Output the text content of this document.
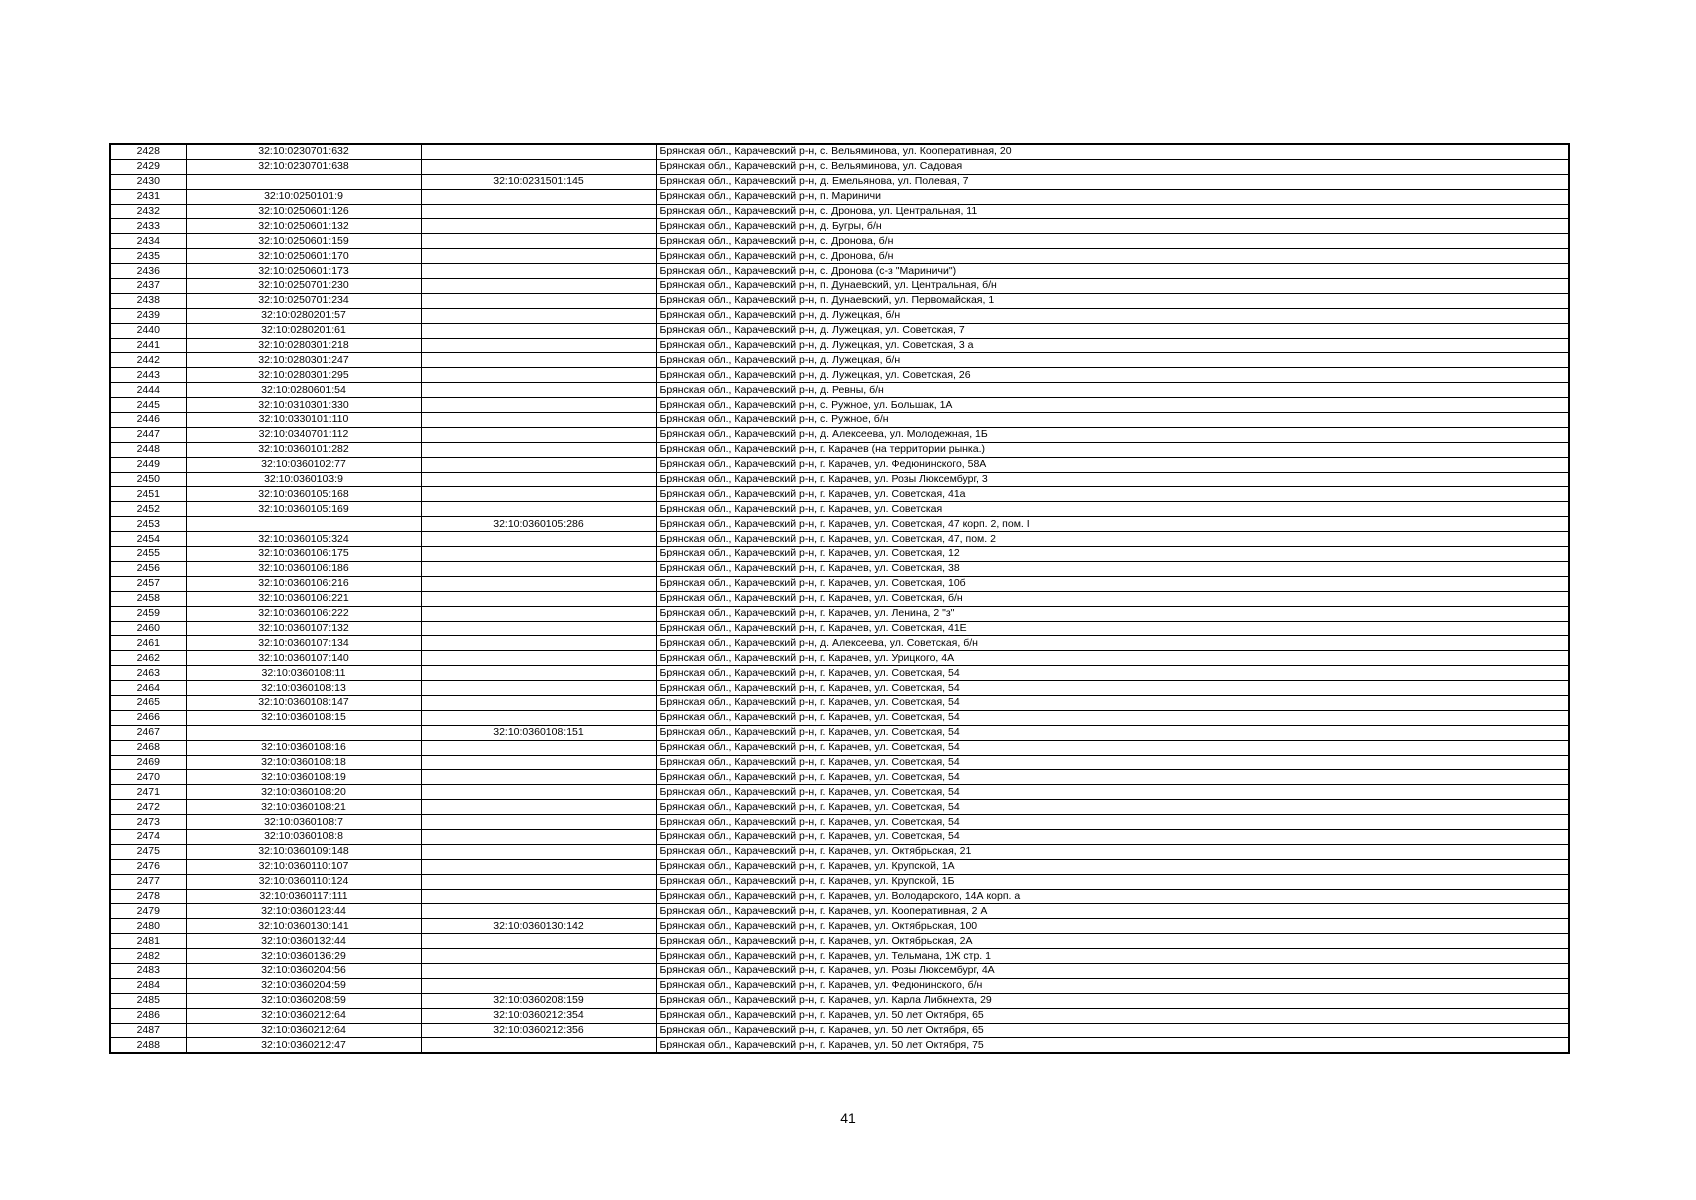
2428	32:10:0230701:632		Брянская обл., Карачевский р-н, с. Вельяминова, ул. Кооперативная, 20
2429	32:10:0230701:638		Брянская обл., Карачевский р-н, с. Вельяминова, ул. Садовая
2430		32:10:0231501:145	Брянская обл., Карачевский р-н, д. Емельянова, ул. Полевая, 7
2431	32:10:0250101:9		Брянская обл., Карачевский р-н, п. Мариничи
2432	32:10:0250601:126		Брянская обл., Карачевский р-н, с. Дронова, ул. Центральная, 11
2433	32:10:0250601:132		Брянская обл., Карачевский р-н, д. Бугры, б/н
2434	32:10:0250601:159		Брянская обл., Карачевский р-н, с. Дронова, б/н
2435	32:10:0250601:170		Брянская обл., Карачевский р-н, с. Дронова, б/н
2436	32:10:0250601:173		Брянская обл., Карачевский р-н, с. Дронова (с-з "Мариничи")
2437	32:10:0250701:230		Брянская обл., Карачевский р-н, п. Дунаевский, ул. Центральная, б/н
2438	32:10:0250701:234		Брянская обл., Карачевский р-н, п. Дунаевский, ул. Первомайская, 1
2439	32:10:0280201:57		Брянская обл., Карачевский р-н, д. Лужецкая, б/н
2440	32:10:0280201:61		Брянская обл., Карачевский р-н, д. Лужецкая, ул. Советская, 7
2441	32:10:0280301:218		Брянская обл., Карачевский р-н, д. Лужецкая, ул. Советская, 3 а
2442	32:10:0280301:247		Брянская обл., Карачевский р-н, д. Лужецкая, б/н
2443	32:10:0280301:295		Брянская обл., Карачевский р-н, д. Лужецкая, ул. Советская, 26
2444	32:10:0280601:54		Брянская обл., Карачевский р-н, д. Ревны, б/н
2445	32:10:0310301:330		Брянская обл., Карачевский р-н, с. Ружное, ул. Большак, 1А
2446	32:10:0330101:110		Брянская обл., Карачевский р-н, с. Ружное, б/н
2447	32:10:0340701:112		Брянская обл., Карачевский р-н, д. Алексеева, ул. Молодежная, 1Б
2448	32:10:0360101:282		Брянская обл., Карачевский р-н, г. Карачев (на территории рынка.)
2449	32:10:0360102:77		Брянская обл., Карачевский р-н, г. Карачев, ул. Федюнинского, 58А
2450	32:10:0360103:9		Брянская обл., Карачевский р-н, г. Карачев, ул. Розы Люксембург, 3
2451	32:10:0360105:168		Брянская обл., Карачевский р-н, г. Карачев, ул. Советская, 41а
2452	32:10:0360105:169		Брянская обл., Карачевский р-н, г. Карачев, ул. Советская
2453		32:10:0360105:286	Брянская обл., Карачевский р-н, г. Карачев, ул. Советская, 47 корп. 2, пом. I
2454	32:10:0360105:324		Брянская обл., Карачевский р-н, г. Карачев, ул. Советская, 47, пом. 2
2455	32:10:0360106:175		Брянская обл., Карачевский р-н, г. Карачев, ул. Советская, 12
2456	32:10:0360106:186		Брянская обл., Карачевский р-н, г. Карачев, ул. Советская, 38
2457	32:10:0360106:216		Брянская обл., Карачевский р-н, г. Карачев, ул. Советская, 10б
2458	32:10:0360106:221		Брянская обл., Карачевский р-н, г. Карачев, ул. Советская, б/н
2459	32:10:0360106:222		Брянская обл., Карачевский р-н, г. Карачев, ул. Ленина, 2 "з"
2460	32:10:0360107:132		Брянская обл., Карачевский р-н, г. Карачев, ул. Советская, 41Е
2461	32:10:0360107:134		Брянская обл., Карачевский р-н, д. Алексеева, ул. Советская, б/н
2462	32:10:0360107:140		Брянская обл., Карачевский р-н, г. Карачев, ул. Урицкого, 4А
2463	32:10:0360108:11		Брянская обл., Карачевский р-н, г. Карачев, ул. Советская, 54
2464	32:10:0360108:13		Брянская обл., Карачевский р-н, г. Карачев, ул. Советская, 54
2465	32:10:0360108:147		Брянская обл., Карачевский р-н, г. Карачев, ул. Советская, 54
2466	32:10:0360108:15		Брянская обл., Карачевский р-н, г. Карачев, ул. Советская, 54
2467		32:10:0360108:151	Брянская обл., Карачевский р-н, г. Карачев, ул. Советская, 54
2468	32:10:0360108:16		Брянская обл., Карачевский р-н, г. Карачев, ул. Советская, 54
2469	32:10:0360108:18		Брянская обл., Карачевский р-н, г. Карачев, ул. Советская, 54
2470	32:10:0360108:19		Брянская обл., Карачевский р-н, г. Карачев, ул. Советская, 54
2471	32:10:0360108:20		Брянская обл., Карачевский р-н, г. Карачев, ул. Советская, 54
2472	32:10:0360108:21		Брянская обл., Карачевский р-н, г. Карачев, ул. Советская, 54
2473	32:10:0360108:7		Брянская обл., Карачевский р-н, г. Карачев, ул. Советская, 54
2474	32:10:0360108:8		Брянская обл., Карачевский р-н, г. Карачев, ул. Советская, 54
2475	32:10:0360109:148		Брянская обл., Карачевский р-н, г. Карачев, ул. Октябрьская, 21
2476	32:10:0360110:107		Брянская обл., Карачевский р-н, г. Карачев, ул. Крупской, 1А
2477	32:10:0360110:124		Брянская обл., Карачевский р-н, г. Карачев, ул. Крупской, 1Б
2478	32:10:0360117:111		Брянская обл., Карачевский р-н, г. Карачев, ул. Володарского, 14А корп. а
2479	32:10:0360123:44		Брянская обл., Карачевский р-н, г. Карачев, ул. Кооперативная, 2 А
2480	32:10:0360130:141	32:10:0360130:142	Брянская обл., Карачевский р-н, г. Карачев, ул. Октябрьская, 100
2481	32:10:0360132:44		Брянская обл., Карачевский р-н, г. Карачев, ул. Октябрьская, 2А
2482	32:10:0360136:29		Брянская обл., Карачевский р-н, г. Карачев, ул. Тельмана, 1Ж стр. 1
2483	32:10:0360204:56		Брянская обл., Карачевский р-н, г. Карачев, ул. Розы Люксембург, 4А
2484	32:10:0360204:59		Брянская обл., Карачевский р-н, г. Карачев, ул. Федюнинского, б/н
2485	32:10:0360208:59	32:10:0360208:159	Брянская обл., Карачевский р-н, г. Карачев, ул. Карла Либкнехта, 29
2486	32:10:0360212:64	32:10:0360212:354	Брянская обл., Карачевский р-н, г. Карачев, ул. 50 лет Октября, 65
2487	32:10:0360212:64	32:10:0360212:356	Брянская обл., Карачевский р-н, г. Карачев, ул. 50 лет Октября, 65
2488	32:10:0360212:47		Брянская обл., Карачевский р-н, г. Карачев, ул. 50 лет Октября, 75
41
